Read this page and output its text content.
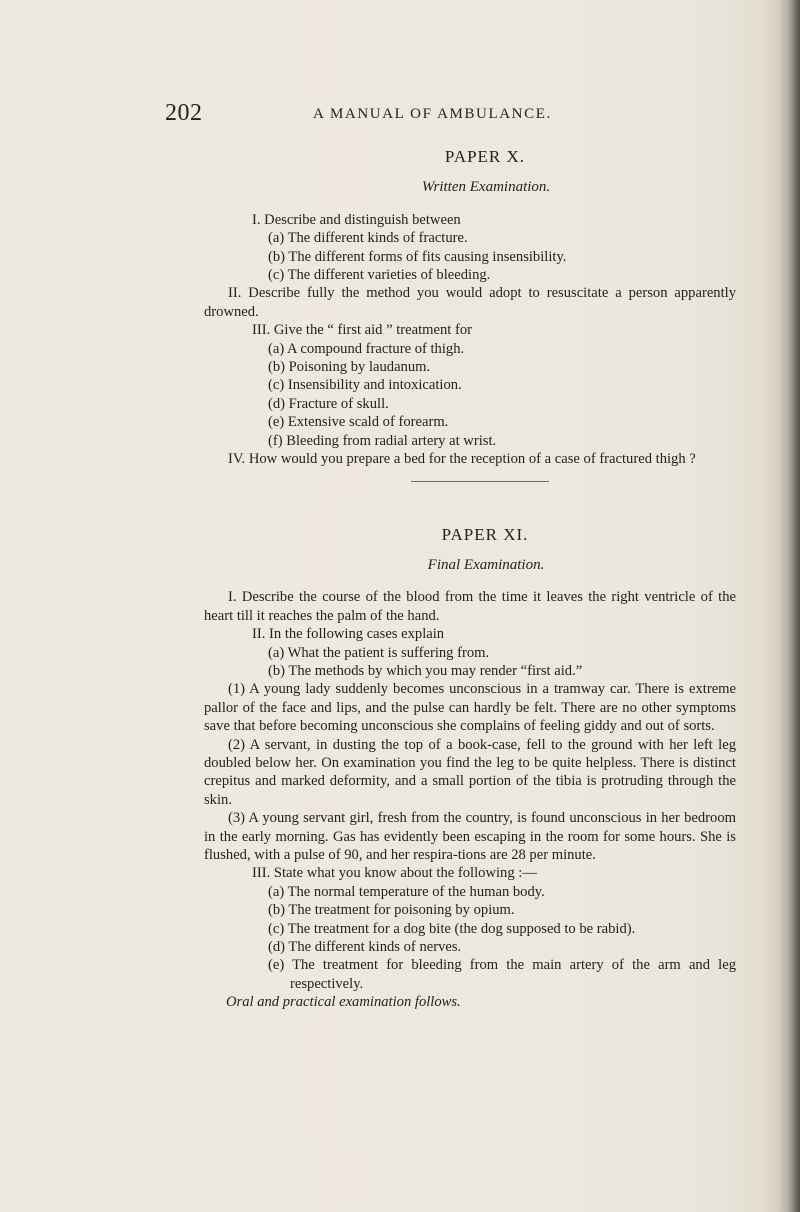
202	A MANUAL OF AMBULANCE.
PAPER X.
Written Examination.

I. Describe and distinguish between

(a) The different kinds of fracture.

(b) The different forms of fits causing insensibility.

(c) The different varieties of bleeding.

II. Describe fully the method you would adopt to resuscitate a person apparently drowned.

III. Give the “ first aid ” treatment for

(a) A compound fracture of thigh.

(b) Poisoning by laudanum.

(c) Insensibility and intoxication.

(d) Fracture of skull.

(e) Extensive scald of forearm.

(f) Bleeding from radial artery at wrist.

IV. How would you prepare a bed for the reception of a case of fractured thigh ?

PAPER XI.
Final Examination.

I. Describe the course of the blood from the time it leaves the right ventricle of the heart till it reaches the palm of the hand.

II. In the following cases explain

(a) What the patient is suffering from.

(b) The methods by which you may render “first aid.”

(1) A young lady suddenly becomes unconscious in a tramway car. There is extreme pallor of the face and lips, and the pulse can hardly be felt. There are no other symptoms save that before becoming unconscious she complains of feeling giddy and out of sorts.

(2) A servant, in dusting the top of a book-case, fell to the ground with her left leg doubled below her. On examination you find the leg to be quite helpless. There is distinct crepitus and marked deformity, and a small portion of the tibia is protruding through the skin.

(3) A young servant girl, fresh from the country, is found unconscious in her bedroom in the early morning. Gas has evidently been escaping in the room for some hours. She is flushed, with a pulse of 90, and her respira-tions are 28 per minute.

III. State what you know about the following :—

(a) The normal temperature of the human body.

(b) The treatment for poisoning by opium.

(c) The treatment for a dog bite (the dog supposed to be rabid).

(d) The different kinds of nerves.

(e) The treatment for bleeding from the main artery of the arm and leg respectively.

Oral and practical examination follows.
